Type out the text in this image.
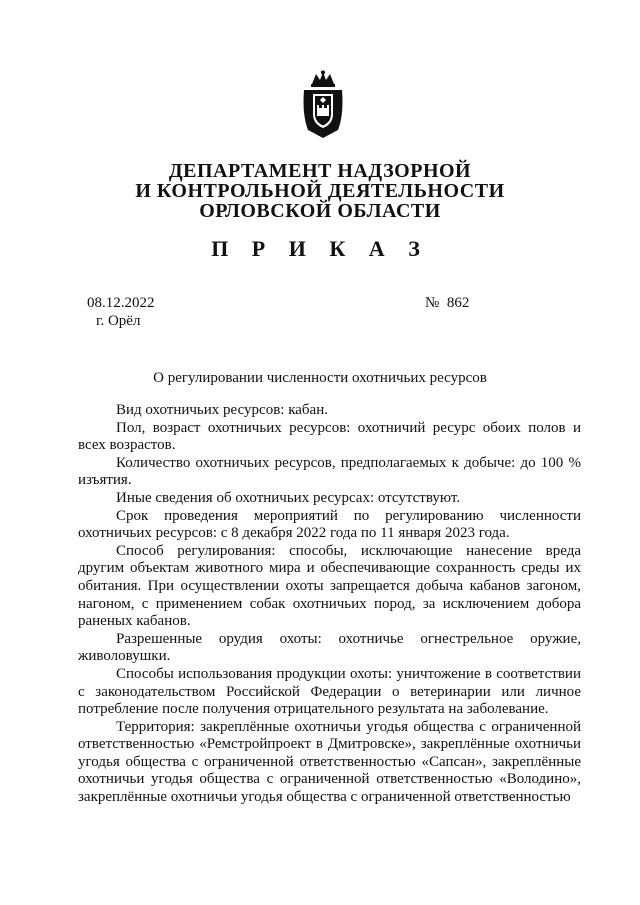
ДЕПАРТАМЕНТ НАДЗОРНОЙ
И КОНТРОЛЬНОЙ ДЕЯТЕЛЬНОСТИ
ОРЛОВСКОЙ ОБЛАСТИ
П Р И К А З
08.12.2022
г. Орёл
№ 862
О регулировании численности охотничьих ресурсов

Вид охотничьих ресурсов: кабан.

Пол, возраст охотничьих ресурсов: охотничий ресурс обоих полов и всех возрастов.

Количество охотничьих ресурсов, предполагаемых к добыче: до 100 % изъятия.

Иные сведения об охотничьих ресурсах: отсутствуют.

Срок проведения мероприятий по регулированию численности охотничьих ресурсов: с 8 декабря 2022 года по 11 января 2023 года.

Способ регулирования: способы, исключающие нанесение вреда другим объектам животного мира и обеспечивающие сохранность среды их обитания. При осуществлении охоты запрещается добыча кабанов загоном, нагоном, с применением собак охотничьих пород, за исключением добора раненых кабанов.

Разрешенные орудия охоты: охотничье огнестрельное оружие, живоловушки.

Способы использования продукции охоты: уничтожение в соответствии с законодательством Российской Федерации о ветеринарии или личное потребление после получения отрицательного результата на заболевание.

Территория: закреплённые охотничьи угодья общества с ограниченной ответственностью «Ремстройпроект в Дмитровске», закреплённые охотничьи угодья общества с ограниченной ответственностью «Сапсан», закреплённые охотничьи угодья общества с ограниченной ответственностью «Володино», закреплённые охотничьи угодья общества с ограниченной ответственностью
